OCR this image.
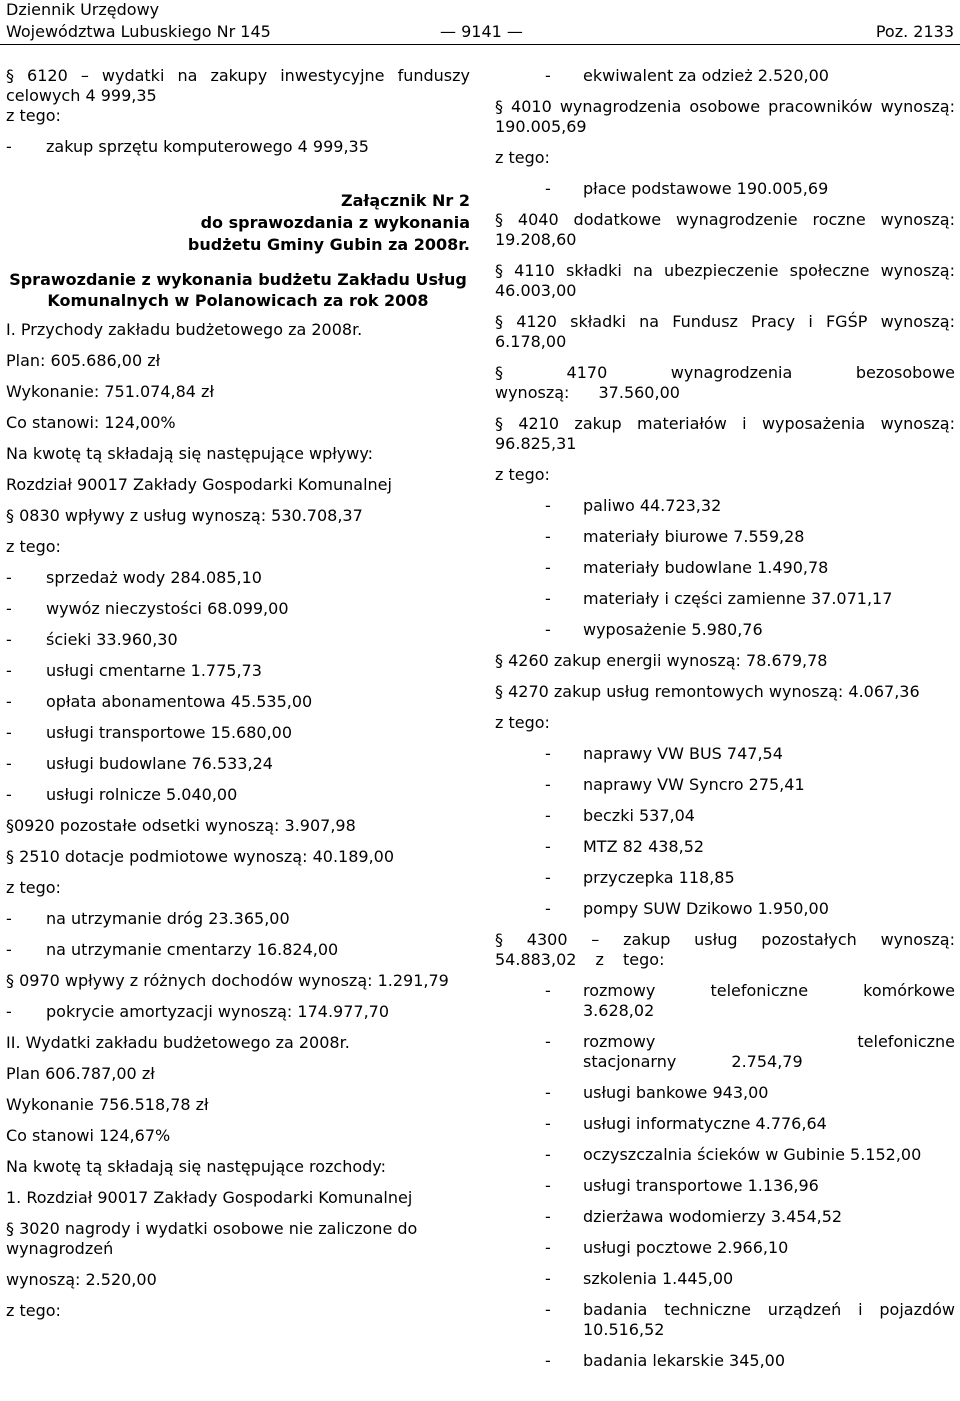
Dziennik Urzędowy
Województwa Lubuskiego Nr 145	— 9141 —	Poz. 2133
§ 6120 – wydatki na zakupy inwestycyjne funduszy celowych 4 999,35
z tego:
- zakup sprzętu komputerowego 4 999,35
Załącznik Nr 2
do sprawozdania z wykonania
budżetu Gminy Gubin za 2008r.
Sprawozdanie z wykonania budżetu Zakładu Usług
Komunalnych w Polanowicach za rok 2008
I. Przychody zakładu budżetowego za 2008r.
Plan: 605.686,00 zł
Wykonanie: 751.074,84 zł
Co stanowi: 124,00%
Na kwotę tą składają się następujące wpływy:
Rozdział 90017 Zakłady Gospodarki Komunalnej
§ 0830 wpływy z usług wynoszą: 530.708,37
z tego:
- sprzedaż wody 284.085,10
- wywóz nieczystości 68.099,00
- ścieki 33.960,30
- usługi cmentarne 1.775,73
- opłata abonamentowa 45.535,00
- usługi transportowe 15.680,00
- usługi budowlane 76.533,24
- usługi rolnicze 5.040,00
§0920 pozostałe odsetki wynoszą: 3.907,98
§ 2510 dotacje podmiotowe wynoszą: 40.189,00
z tego:
- na utrzymanie dróg 23.365,00
- na utrzymanie cmentarzy 16.824,00
§ 0970 wpływy z różnych dochodów wynoszą: 1.291,79
- pokrycie amortyzacji wynoszą: 174.977,70
II. Wydatki zakładu budżetowego za 2008r.
Plan 606.787,00 zł
Wykonanie 756.518,78 zł
Co stanowi 124,67%
Na kwotę tą składają się następujące rozchody:
1. Rozdział 90017 Zakłady Gospodarki Komunalnej
§ 3020 nagrody i wydatki osobowe nie zaliczone do wynagrodzeń
wynoszą: 2.520,00
z tego:
- ekwiwalent za odzież 2.520,00
§ 4010 wynagrodzenia osobowe pracowników wynoszą: 190.005,69
z tego:
- płace podstawowe 190.005,69
§ 4040 dodatkowe wynagrodzenie roczne wynoszą: 19.208,60
§ 4110 składki na ubezpieczenie społeczne wynoszą: 46.003,00
§ 4120 składki na Fundusz Pracy i FGŚP wynoszą: 6.178,00
§ 4170 wynagrodzenia bezosobowe wynoszą: 37.560,00
§ 4210 zakup materiałów i wyposażenia wynoszą: 96.825,31
z tego:
- paliwo 44.723,32
- materiały biurowe 7.559,28
- materiały budowlane 1.490,78
- materiały i części zamienne 37.071,17
- wyposażenie 5.980,76
§ 4260 zakup energii wynoszą: 78.679,78
§ 4270 zakup usług remontowych wynoszą: 4.067,36
z tego:
- naprawy VW BUS 747,54
- naprawy VW Syncro 275,41
- beczki 537,04
- MTZ 82 438,52
- przyczepka 118,85
- pompy SUW Dzikowo 1.950,00
§ 4300 – zakup usług pozostałych wynoszą: 54.883,02 z tego:
- rozmowy telefoniczne komórkowe 3.628,02
- rozmowy telefoniczne stacjonarny 2.754,79
- usługi bankowe 943,00
- usługi informatyczne 4.776,64
- oczyszczalnia ścieków w Gubinie 5.152,00
- usługi transportowe 1.136,96
- dzierżawa wodomierzy 3.454,52
- usługi pocztowe 2.966,10
- szkolenia 1.445,00
- badania techniczne urządzeń i pojazdów 10.516,52
- badania lekarskie 345,00
